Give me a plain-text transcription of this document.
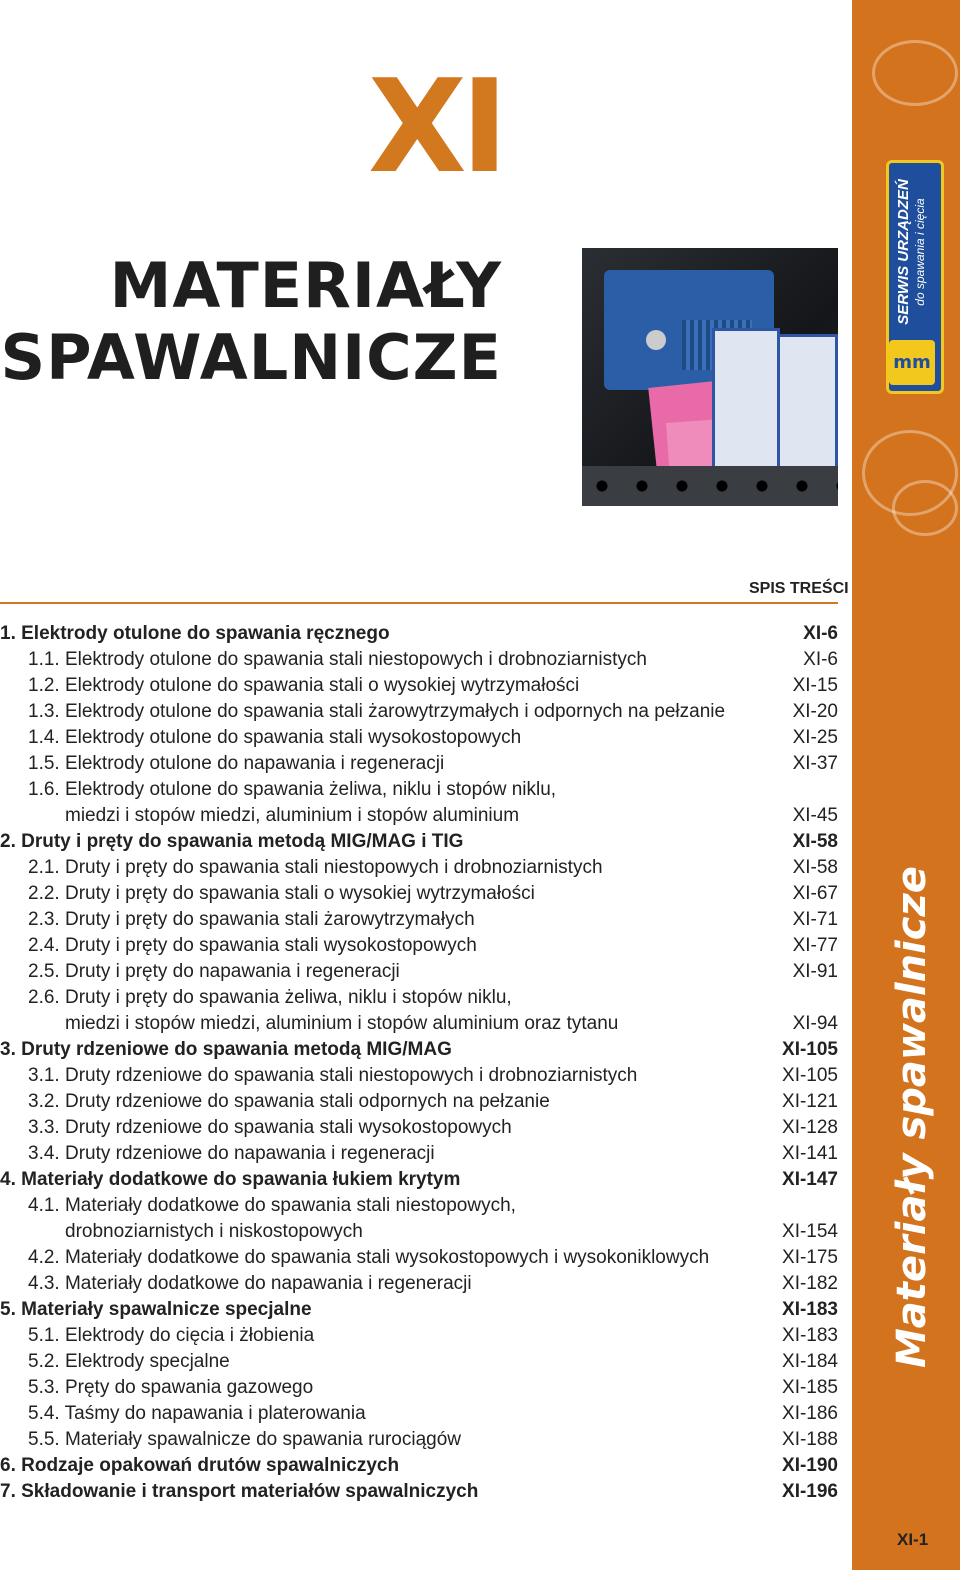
XI
MATERIAŁY
SPAWALNICZE
SPIS TREŚCI
1. Elektrody otulone do spawania ręcznego	XI-6
1.1. Elektrody otulone do spawania stali niestopowych i drobnoziarnistych	XI-6
1.2. Elektrody otulone do spawania stali o wysokiej wytrzymałości	XI-15
1.3. Elektrody otulone do spawania stali żarowytrzymałych i odpornych na pełzanie	XI-20
1.4. Elektrody otulone do spawania stali wysokostopowych	XI-25
1.5. Elektrody otulone do napawania i regeneracji	XI-37
1.6. Elektrody otulone do spawania żeliwa, niklu i stopów niklu,
miedzi i stopów miedzi, aluminium i stopów aluminium	XI-45
2. Druty i pręty do spawania metodą MIG/MAG i TIG	XI-58
2.1. Druty i pręty do spawania stali niestopowych i drobnoziarnistych	XI-58
2.2. Druty i pręty do spawania stali o wysokiej wytrzymałości	XI-67
2.3. Druty i pręty do spawania stali żarowytrzymałych	XI-71
2.4. Druty i pręty do spawania stali wysokostopowych	XI-77
2.5. Druty i pręty do napawania i regeneracji	XI-91
2.6. Druty i pręty do spawania żeliwa, niklu i stopów niklu,
miedzi i stopów miedzi, aluminium i stopów aluminium oraz tytanu	XI-94
3. Druty rdzeniowe do spawania metodą MIG/MAG	XI-105
3.1. Druty rdzeniowe do spawania stali niestopowych i drobnoziarnistych	XI-105
3.2. Druty rdzeniowe do spawania stali odpornych na pełzanie	XI-121
3.3. Druty rdzeniowe do spawania stali wysokostopowych	XI-128
3.4. Druty rdzeniowe do napawania i regeneracji	XI-141
4. Materiały dodatkowe do spawania łukiem krytym	XI-147
4.1. Materiały dodatkowe do spawania stali niestopowych,
drobnoziarnistych i niskostopowych	XI-154
4.2. Materiały dodatkowe do spawania stali wysokostopowych i wysokoniklowych	XI-175
4.3. Materiały dodatkowe do napawania i regeneracji	XI-182
5. Materiały spawalnicze specjalne	XI-183
5.1. Elektrody do cięcia i żłobienia	XI-183
5.2. Elektrody specjalne	XI-184
5.3. Pręty do spawania gazowego	XI-185
5.4. Taśmy do napawania i platerowania	XI-186
5.5. Materiały spawalnicze do spawania rurociągów	XI-188
6. Rodzaje opakowań drutów spawalniczych	XI-190
7. Składowanie i transport materiałów spawalniczych	XI-196
SERWIS URZĄDZEŃ do spawania i cięcia
mm
Materiały spawalnicze
XI-1
